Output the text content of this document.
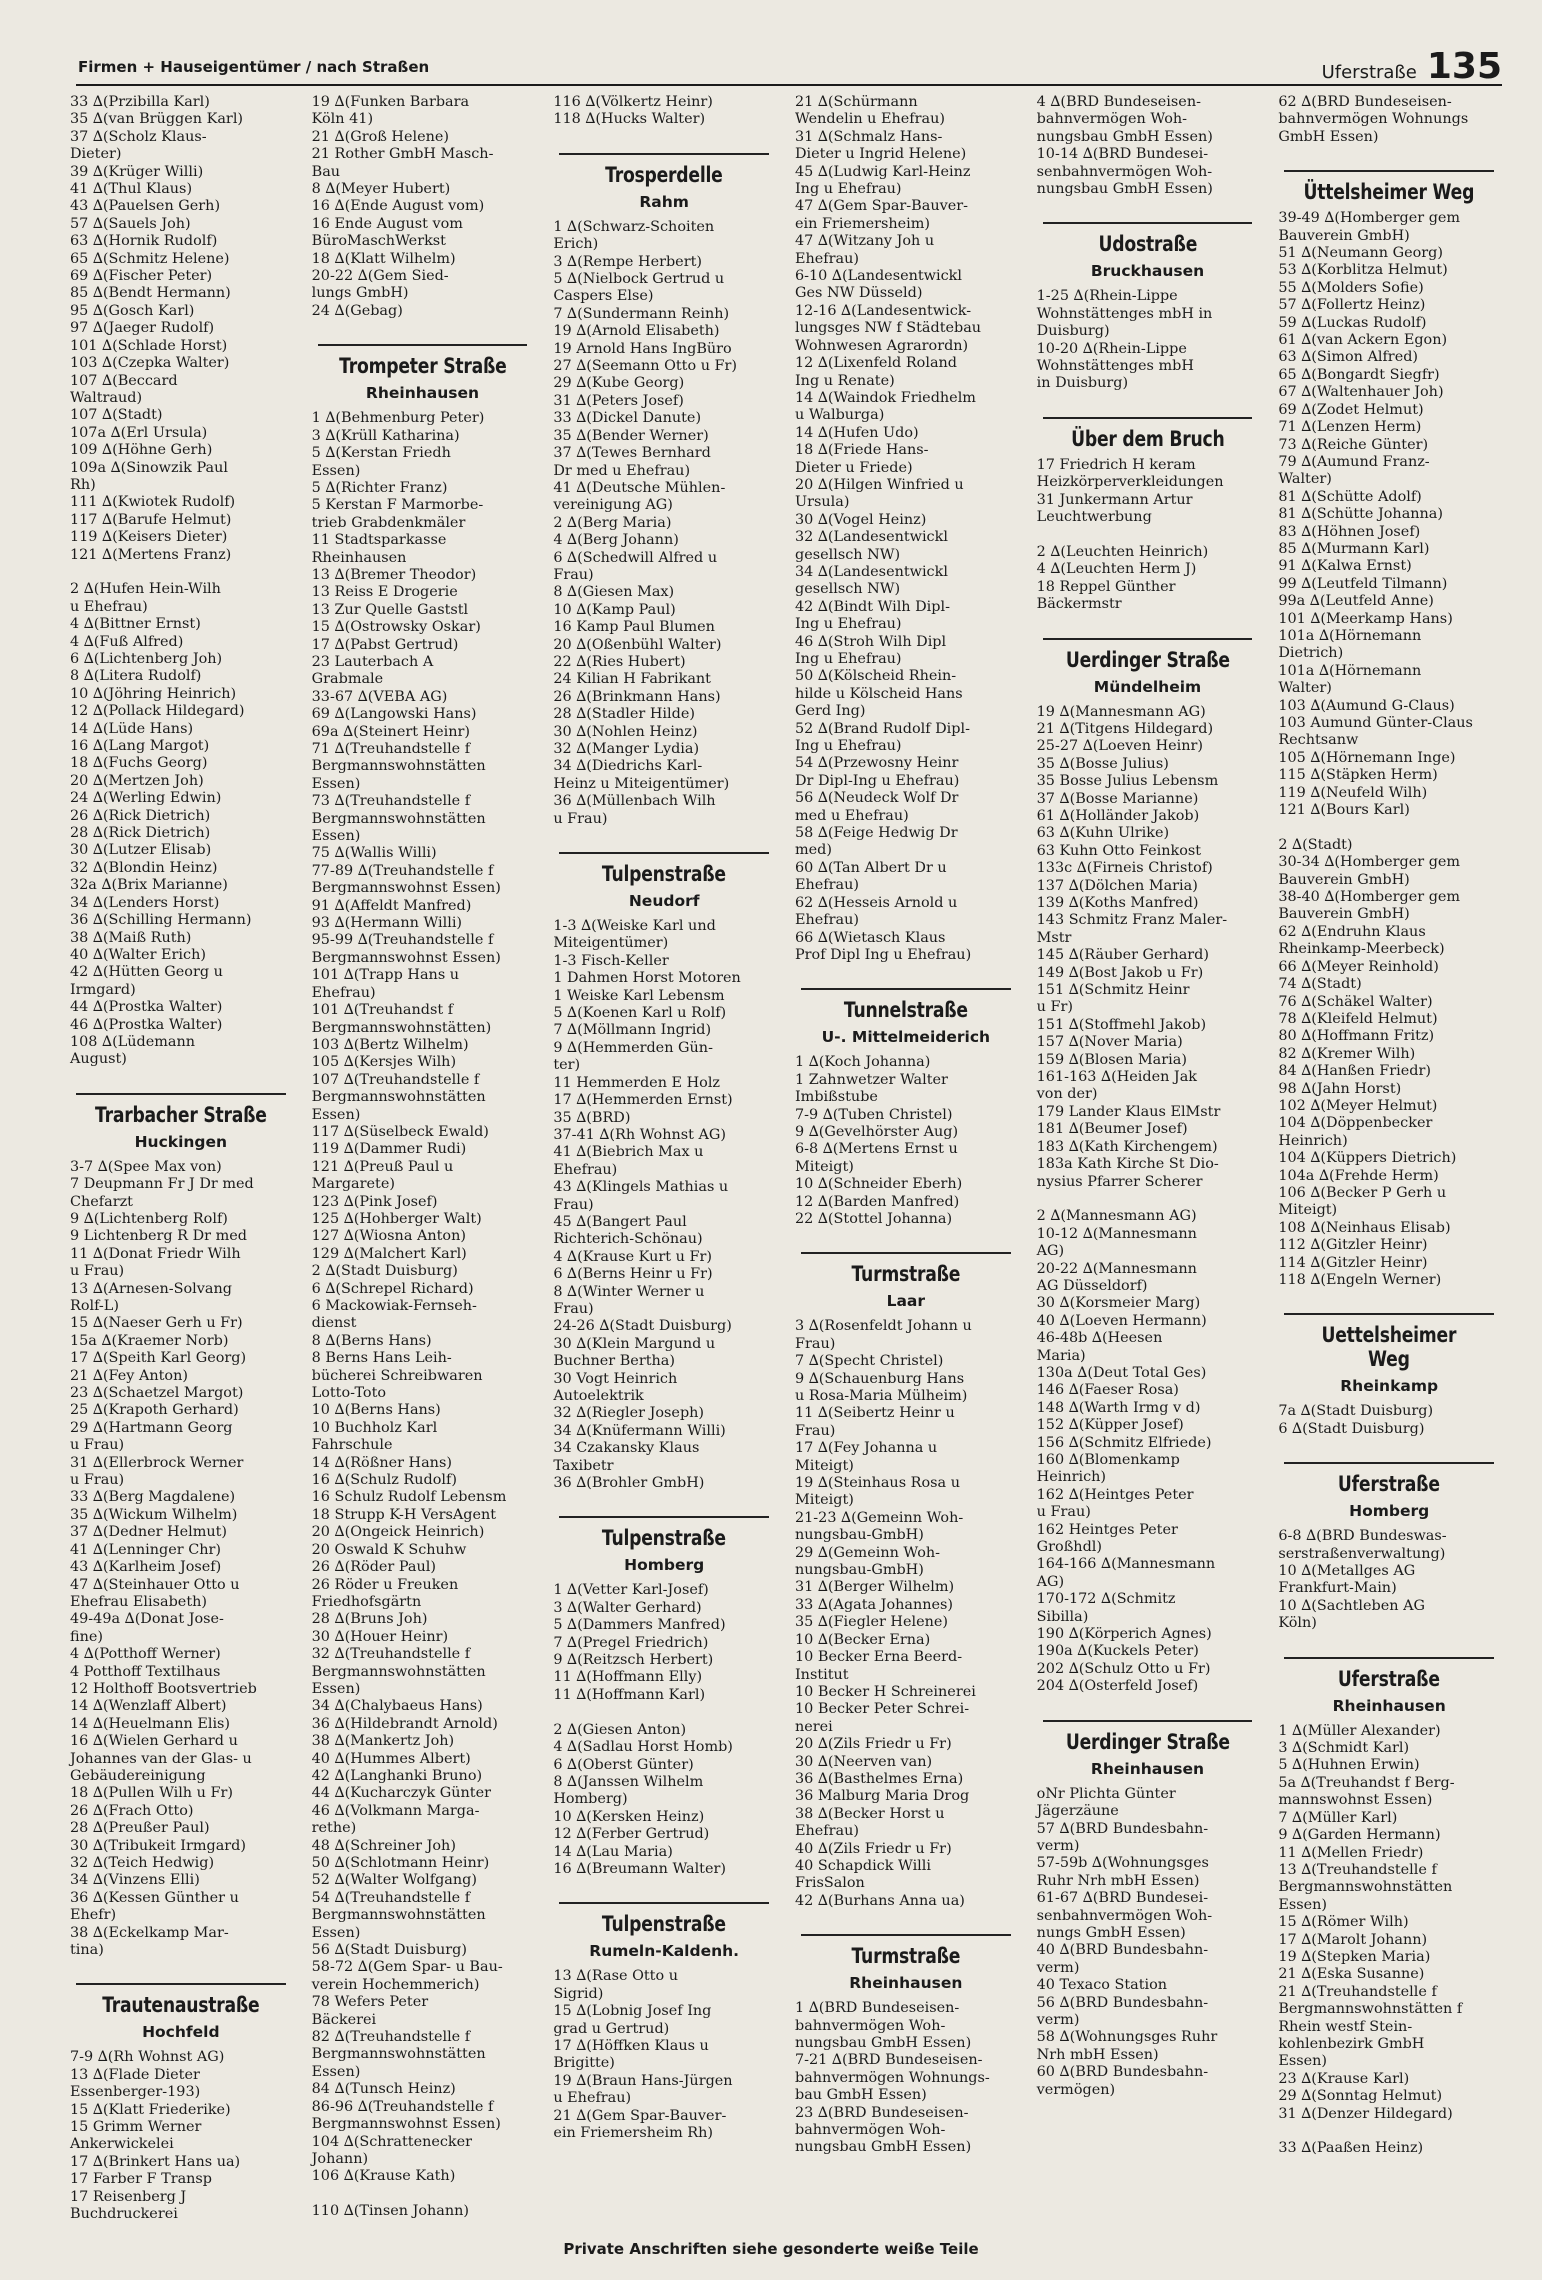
Firmen + Hauseigentümer / nach Straßen	Uferstraße 135
33 ∆(Przibilla Karl)
35 ∆(van Brüggen Karl)
37 ∆(Scholz Klaus-
Dieter)
39 ∆(Krüger Willi)
41 ∆(Thul Klaus)
43 ∆(Pauelsen Gerh)
57 ∆(Sauels Joh)
63 ∆(Hornik Rudolf)
65 ∆(Schmitz Helene)
69 ∆(Fischer Peter)
85 ∆(Bendt Hermann)
95 ∆(Gosch Karl)
97 ∆(Jaeger Rudolf)
101 ∆(Schlade Horst)
103 ∆(Czepka Walter)
107 ∆(Beccard
Waltraud)
107 ∆(Stadt)
107a ∆(Erl Ursula)
109 ∆(Höhne Gerh)
109a ∆(Sinowzik Paul
Rh)
111 ∆(Kwiotek Rudolf)
117 ∆(Barufe Helmut)
119 ∆(Keisers Dieter)
121 ∆(Mertens Franz)

2 ∆(Hufen Hein-Wilh
u Ehefrau)
4 ∆(Bittner Ernst)
4 ∆(Fuß Alfred)
6 ∆(Lichtenberg Joh)
8 ∆(Litera Rudolf)
10 ∆(Jöhring Heinrich)
12 ∆(Pollack Hildegard)
14 ∆(Lüde Hans)
16 ∆(Lang Margot)
18 ∆(Fuchs Georg)
20 ∆(Mertzen Joh)
24 ∆(Werling Edwin)
26 ∆(Rick Dietrich)
28 ∆(Rick Dietrich)
30 ∆(Lutzer Elisab)
32 ∆(Blondin Heinz)
32a ∆(Brix Marianne)
34 ∆(Lenders Horst)
36 ∆(Schilling Hermann)
38 ∆(Maiß Ruth)
40 ∆(Walter Erich)
42 ∆(Hütten Georg u
Irmgard)
44 ∆(Prostka Walter)
46 ∆(Prostka Walter)
108 ∆(Lüdemann
August)
Trarbacher Straße
Huckingen
3-7 ∆(Spee Max von)
7 Deupmann Fr J Dr med
Chefarzt
9 ∆(Lichtenberg Rolf)
9 Lichtenberg R Dr med
11 ∆(Donat Friedr Wilh
u Frau)
13 ∆(Arnesen-Solvang
Rolf-L)
15 ∆(Naeser Gerh u Fr)
15a ∆(Kraemer Norb)
17 ∆(Speith Karl Georg)
21 ∆(Fey Anton)
23 ∆(Schaetzel Margot)
25 ∆(Krapoth Gerhard)
29 ∆(Hartmann Georg
u Frau)
31 ∆(Ellerbrock Werner
u Frau)
33 ∆(Berg Magdalene)
35 ∆(Wickum Wilhelm)
37 ∆(Dedner Helmut)
41 ∆(Lenninger Chr)
43 ∆(Karlheim Josef)
47 ∆(Steinhauer Otto u
Ehefrau Elisabeth)
49-49a ∆(Donat Jose-
fine)
4 ∆(Potthoff Werner)
4 Potthoff Textilhaus
12 Holthoff Bootsvertrieb
14 ∆(Wenzlaff Albert)
14 ∆(Heuelmann Elis)
16 ∆(Wielen Gerhard u
Johannes van der Glas- u
Gebäudereinigung
18 ∆(Pullen Wilh u Fr)
26 ∆(Frach Otto)
28 ∆(Preußer Paul)
30 ∆(Tribukeit Irmgard)
32 ∆(Teich Hedwig)
34 ∆(Vinzens Elli)
36 ∆(Kessen Günther u
Ehefr)
38 ∆(Eckelkamp Mar-
tina)
Trautenaustraße
Hochfeld
7-9 ∆(Rh Wohnst AG)
13 ∆(Flade Dieter
Essenberger-193)
15 ∆(Klatt Friederike)
15 Grimm Werner
Ankerwickelei
17 ∆(Brinkert Hans ua)
17 Farber F Transp
17 Reisenberg J
Buchdruckerei
19 ∆(Funken Barbara
Köln 41)
21 ∆(Groß Helene)
21 Rother GmbH Masch-
Bau
8 ∆(Meyer Hubert)
16 ∆(Ende August vom)
16 Ende August vom
BüroMaschWerkst
18 ∆(Klatt Wilhelm)
20-22 ∆(Gem Sied-
lungs GmbH)
24 ∆(Gebag)
Trompeter Straße
Rheinhausen
1 ∆(Behmenburg Peter)
3 ∆(Krüll Katharina)
5 ∆(Kerstan Friedh
Essen)
5 ∆(Richter Franz)
5 Kerstan F Marmorbe-
trieb Grabdenkmäler
11 Stadtsparkasse
Rheinhausen
13 ∆(Bremer Theodor)
13 Reiss E Drogerie
13 Zur Quelle Gaststl
15 ∆(Ostrowsky Oskar)
17 ∆(Pabst Gertrud)
23 Lauterbach A
Grabmale
33-67 ∆(VEBA AG)
69 ∆(Langowski Hans)
69a ∆(Steinert Heinr)
71 ∆(Treuhandstelle f
Bergmannswohnstätten
Essen)
73 ∆(Treuhandstelle f
Bergmannswohnstätten
Essen)
75 ∆(Wallis Willi)
77-89 ∆(Treuhandstelle f
Bergmannswohnst Essen)
91 ∆(Affeldt Manfred)
93 ∆(Hermann Willi)
95-99 ∆(Treuhandstelle f
Bergmannswohnst Essen)
101 ∆(Trapp Hans u
Ehefrau)
101 ∆(Treuhandst f
Bergmannswohnstätten)
103 ∆(Bertz Wilhelm)
105 ∆(Kersjes Wilh)
107 ∆(Treuhandstelle f
Bergmannswohnstätten
Essen)
117 ∆(Süselbeck Ewald)
119 ∆(Dammer Rudi)
121 ∆(Preuß Paul u
Margarete)
123 ∆(Pink Josef)
125 ∆(Hohberger Walt)
127 ∆(Wiosna Anton)
129 ∆(Malchert Karl)
2 ∆(Stadt Duisburg)
6 ∆(Schrepel Richard)
6 Mackowiak-Fernseh-
dienst
8 ∆(Berns Hans)
8 Berns Hans Leih-
bücherei Schreibwaren
Lotto-Toto
10 ∆(Berns Hans)
10 Buchholz Karl
Fahrschule
14 ∆(Rößner Hans)
16 ∆(Schulz Rudolf)
16 Schulz Rudolf Lebensm
18 Strupp K-H VersAgent
20 ∆(Ongeick Heinrich)
20 Oswald K Schuhw
26 ∆(Röder Paul)
26 Röder u Freuken
Friedhofsgärtn
28 ∆(Bruns Joh)
30 ∆(Houer Heinr)
32 ∆(Treuhandstelle f
Bergmannswohnstätten
Essen)
34 ∆(Chalybaeus Hans)
36 ∆(Hildebrandt Arnold)
38 ∆(Mankertz Joh)
40 ∆(Hummes Albert)
42 ∆(Langhanki Bruno)
44 ∆(Kucharczyk Günter
46 ∆(Volkmann Marga-
rethe)
48 ∆(Schreiner Joh)
50 ∆(Schlotmann Heinr)
52 ∆(Walter Wolfgang)
54 ∆(Treuhandstelle f
Bergmannswohnstätten
Essen)
56 ∆(Stadt Duisburg)
58-72 ∆(Gem Spar- u Bau-
verein Hochemmerich)
78 Wefers Peter
Bäckerei
82 ∆(Treuhandstelle f
Bergmannswohnstätten
Essen)
84 ∆(Tunsch Heinz)
86-96 ∆(Treuhandstelle f
Bergmannswohnst Essen)
104 ∆(Schrattenecker
Johann)
106 ∆(Krause Kath)

110 ∆(Tinsen Johann)
116 ∆(Völkertz Heinr)
118 ∆(Hucks Walter)
Trosperdelle
Rahm
1 ∆(Schwarz-Schoiten
Erich)
3 ∆(Rempe Herbert)
5 ∆(Nielbock Gertrud u
Caspers Else)
7 ∆(Sundermann Reinh)
19 ∆(Arnold Elisabeth)
19 Arnold Hans IngBüro
27 ∆(Seemann Otto u Fr)
29 ∆(Kube Georg)
31 ∆(Peters Josef)
33 ∆(Dickel Danute)
35 ∆(Bender Werner)
37 ∆(Tewes Bernhard
Dr med u Ehefrau)
41 ∆(Deutsche Mühlen-
vereinigung AG)
2 ∆(Berg Maria)
4 ∆(Berg Johann)
6 ∆(Schedwill Alfred u
Frau)
8 ∆(Giesen Max)
10 ∆(Kamp Paul)
16 Kamp Paul Blumen
20 ∆(Oßenbühl Walter)
22 ∆(Ries Hubert)
24 Kilian H Fabrikant
26 ∆(Brinkmann Hans)
28 ∆(Stadler Hilde)
30 ∆(Nohlen Heinz)
32 ∆(Manger Lydia)
34 ∆(Diedrichs Karl-
Heinz u Miteigentümer)
36 ∆(Müllenbach Wilh
u Frau)
Tulpenstraße
Neudorf
1-3 ∆(Weiske Karl und
Miteigentümer)
1-3 Fisch-Keller
1 Dahmen Horst Motoren
1 Weiske Karl Lebensm
5 ∆(Koenen Karl u Rolf)
7 ∆(Möllmann Ingrid)
9 ∆(Hemmerden Gün-
ter)
11 Hemmerden E Holz
17 ∆(Hemmerden Ernst)
35 ∆(BRD)
37-41 ∆(Rh Wohnst AG)
41 ∆(Biebrich Max u
Ehefrau)
43 ∆(Klingels Mathias u
Frau)
45 ∆(Bangert Paul
Richterich-Schönau)
4 ∆(Krause Kurt u Fr)
6 ∆(Berns Heinr u Fr)
8 ∆(Winter Werner u
Frau)
24-26 ∆(Stadt Duisburg)
30 ∆(Klein Margund u
Buchner Bertha)
30 Vogt Heinrich
Autoelektrik
32 ∆(Riegler Joseph)
34 ∆(Knüfermann Willi)
34 Czakansky Klaus
Taxibetr
36 ∆(Brohler GmbH)
Tulpenstraße
Homberg
1 ∆(Vetter Karl-Josef)
3 ∆(Walter Gerhard)
5 ∆(Dammers Manfred)
7 ∆(Pregel Friedrich)
9 ∆(Reitzsch Herbert)
11 ∆(Hoffmann Elly)
11 ∆(Hoffmann Karl)

2 ∆(Giesen Anton)
4 ∆(Sadlau Horst Homb)
6 ∆(Oberst Günter)
8 ∆(Janssen Wilhelm
Homberg)
10 ∆(Kersken Heinz)
12 ∆(Ferber Gertrud)
14 ∆(Lau Maria)
16 ∆(Breumann Walter)
Tulpenstraße
Rumeln-Kaldenh.
13 ∆(Rase Otto u
Sigrid)
15 ∆(Lobnig Josef Ing
grad u Gertrud)
17 ∆(Höffken Klaus u
Brigitte)
19 ∆(Braun Hans-Jürgen
u Ehefrau)
21 ∆(Gem Spar-Bauver-
ein Friemersheim Rh)
21 ∆(Schürmann
Wendelin u Ehefrau)
31 ∆(Schmalz Hans-
Dieter u Ingrid Helene)
45 ∆(Ludwig Karl-Heinz
Ing u Ehefrau)
47 ∆(Gem Spar-Bauver-
ein Friemersheim)
47 ∆(Witzany Joh u
Ehefrau)
6-10 ∆(Landesentwickl
Ges NW Düsseld)
12-16 ∆(Landesentwick-
lungsges NW f Städtebau
Wohnwesen Agrarordn)
12 ∆(Lixenfeld Roland
Ing u Renate)
14 ∆(Waindok Friedhelm
u Walburga)
14 ∆(Hufen Udo)
18 ∆(Friede Hans-
Dieter u Friede)
20 ∆(Hilgen Winfried u
Ursula)
30 ∆(Vogel Heinz)
32 ∆(Landesentwickl
gesellsch NW)
34 ∆(Landesentwickl
gesellsch NW)
42 ∆(Bindt Wilh Dipl-
Ing u Ehefrau)
46 ∆(Stroh Wilh Dipl
Ing u Ehefrau)
50 ∆(Kölscheid Rhein-
hilde u Kölscheid Hans
Gerd Ing)
52 ∆(Brand Rudolf Dipl-
Ing u Ehefrau)
54 ∆(Przewosny Heinr
Dr Dipl-Ing u Ehefrau)
56 ∆(Neudeck Wolf Dr
med u Ehefrau)
58 ∆(Feige Hedwig Dr
med)
60 ∆(Tan Albert Dr u
Ehefrau)
62 ∆(Hesseis Arnold u
Ehefrau)
66 ∆(Wietasch Klaus
Prof Dipl Ing u Ehefrau)
Tunnelstraße
U-. Mittelmeiderich
1 ∆(Koch Johanna)
1 Zahnwetzer Walter
Imbißstube
7-9 ∆(Tuben Christel)
9 ∆(Gevelhörster Aug)
6-8 ∆(Mertens Ernst u
Miteigt)
10 ∆(Schneider Eberh)
12 ∆(Barden Manfred)
22 ∆(Stottel Johanna)
Turmstraße
Laar
3 ∆(Rosenfeldt Johann u
Frau)
7 ∆(Specht Christel)
9 ∆(Schauenburg Hans
u Rosa-Maria Mülheim)
11 ∆(Seibertz Heinr u
Frau)
17 ∆(Fey Johanna u
Miteigt)
19 ∆(Steinhaus Rosa u
Miteigt)
21-23 ∆(Gemeinn Woh-
nungsbau-GmbH)
29 ∆(Gemeinn Woh-
nungsbau-GmbH)
31 ∆(Berger Wilhelm)
33 ∆(Agata Johannes)
35 ∆(Fiegler Helene)
10 ∆(Becker Erna)
10 Becker Erna Beerd-
Institut
10 Becker H Schreinerei
10 Becker Peter Schrei-
nerei
20 ∆(Zils Friedr u Fr)
30 ∆(Neerven van)
36 ∆(Basthelmes Erna)
36 Malburg Maria Drog
38 ∆(Becker Horst u
Ehefrau)
40 ∆(Zils Friedr u Fr)
40 Schapdick Willi
FrisSalon
42 ∆(Burhans Anna ua)
Turmstraße
Rheinhausen
1 ∆(BRD Bundeseisen-
bahnvermögen Woh-
nungsbau GmbH Essen)
7-21 ∆(BRD Bundeseisen-
bahnvermögen Wohnungs-
bau GmbH Essen)
23 ∆(BRD Bundeseisen-
bahnvermögen Woh-
nungsbau GmbH Essen)
4 ∆(BRD Bundeseisen-
bahnvermögen Woh-
nungsbau GmbH Essen)
10-14 ∆(BRD Bundesei-
senbahnvermögen Woh-
nungsbau GmbH Essen)
Udostraße
Bruckhausen
1-25 ∆(Rhein-Lippe
Wohnstättenges mbH in
Duisburg)
10-20 ∆(Rhein-Lippe
Wohnstättenges mbH
in Duisburg)
Über dem Bruch
17 Friedrich H keram
Heizkörperverkleidungen
31 Junkermann Artur
Leuchtwerbung

2 ∆(Leuchten Heinrich)
4 ∆(Leuchten Herm J)
18 Reppel Günther
Bäckermstr
Uerdinger Straße
Mündelheim
19 ∆(Mannesmann AG)
21 ∆(Titgens Hildegard)
25-27 ∆(Loeven Heinr)
35 ∆(Bosse Julius)
35 Bosse Julius Lebensm
37 ∆(Bosse Marianne)
61 ∆(Holländer Jakob)
63 ∆(Kuhn Ulrike)
63 Kuhn Otto Feinkost
133c ∆(Firneis Christof)
137 ∆(Dölchen Maria)
139 ∆(Koths Manfred)
143 Schmitz Franz Maler-
Mstr
145 ∆(Räuber Gerhard)
149 ∆(Bost Jakob u Fr)
151 ∆(Schmitz Heinr
u Fr)
151 ∆(Stoffmehl Jakob)
157 ∆(Nover Maria)
159 ∆(Blosen Maria)
161-163 ∆(Heiden Jak
von der)
179 Lander Klaus ElMstr
181 ∆(Beumer Josef)
183 ∆(Kath Kirchengem)
183a Kath Kirche St Dio-
nysius Pfarrer Scherer

2 ∆(Mannesmann AG)
10-12 ∆(Mannesmann
AG)
20-22 ∆(Mannesmann
AG Düsseldorf)
30 ∆(Korsmeier Marg)
40 ∆(Loeven Hermann)
46-48b ∆(Heesen
Maria)
130a ∆(Deut Total Ges)
146 ∆(Faeser Rosa)
148 ∆(Warth Irmg v d)
152 ∆(Küpper Josef)
156 ∆(Schmitz Elfriede)
160 ∆(Blomenkamp
Heinrich)
162 ∆(Heintges Peter
u Frau)
162 Heintges Peter
Großhdl)
164-166 ∆(Mannesmann
AG)
170-172 ∆(Schmitz
Sibilla)
190 ∆(Körperich Agnes)
190a ∆(Kuckels Peter)
202 ∆(Schulz Otto u Fr)
204 ∆(Osterfeld Josef)
Uerdinger Straße
Rheinhausen
oNr Plichta Günter
Jägerzäune
57 ∆(BRD Bundesbahn-
verm)
57-59b ∆(Wohnungsges
Ruhr Nrh mbH Essen)
61-67 ∆(BRD Bundesei-
senbahnvermögen Woh-
nungs GmbH Essen)
40 ∆(BRD Bundesbahn-
verm)
40 Texaco Station
56 ∆(BRD Bundesbahn-
verm)
58 ∆(Wohnungsges Ruhr
Nrh mbH Essen)
60 ∆(BRD Bundesbahn-
vermögen)
62 ∆(BRD Bundeseisen-
bahnvermögen Wohnungs
GmbH Essen)
Üttelsheimer Weg
39-49 ∆(Homberger gem
Bauverein GmbH)
51 ∆(Neumann Georg)
53 ∆(Korblitza Helmut)
55 ∆(Molders Sofie)
57 ∆(Follertz Heinz)
59 ∆(Luckas Rudolf)
61 ∆(van Ackern Egon)
63 ∆(Simon Alfred)
65 ∆(Bongardt Siegfr)
67 ∆(Waltenhauer Joh)
69 ∆(Zodet Helmut)
71 ∆(Lenzen Herm)
73 ∆(Reiche Günter)
79 ∆(Aumund Franz-
Walter)
81 ∆(Schütte Adolf)
81 ∆(Schütte Johanna)
83 ∆(Höhnen Josef)
85 ∆(Murmann Karl)
91 ∆(Kalwa Ernst)
99 ∆(Leutfeld Tilmann)
99a ∆(Leutfeld Anne)
101 ∆(Meerkamp Hans)
101a ∆(Hörnemann
Dietrich)
101a ∆(Hörnemann
Walter)
103 ∆(Aumund G-Claus)
103 Aumund Günter-Claus
Rechtsanw
105 ∆(Hörnemann Inge)
115 ∆(Stäpken Herm)
119 ∆(Neufeld Wilh)
121 ∆(Bours Karl)

2 ∆(Stadt)
30-34 ∆(Homberger gem
Bauverein GmbH)
38-40 ∆(Homberger gem
Bauverein GmbH)
62 ∆(Endruhn Klaus
Rheinkamp-Meerbeck)
66 ∆(Meyer Reinhold)
74 ∆(Stadt)
76 ∆(Schäkel Walter)
78 ∆(Kleifeld Helmut)
80 ∆(Hoffmann Fritz)
82 ∆(Kremer Wilh)
84 ∆(Hanßen Friedr)
98 ∆(Jahn Horst)
102 ∆(Meyer Helmut)
104 ∆(Döppenbecker
Heinrich)
104 ∆(Küppers Dietrich)
104a ∆(Frehde Herm)
106 ∆(Becker P Gerh u
Miteigt)
108 ∆(Neinhaus Elisab)
112 ∆(Gitzler Heinr)
114 ∆(Gitzler Heinr)
118 ∆(Engeln Werner)
Uettelsheimer Weg
Rheinkamp
7a ∆(Stadt Duisburg)
6 ∆(Stadt Duisburg)
Uferstraße
Homberg
6-8 ∆(BRD Bundeswas-
serstraßenverwaltung)
10 ∆(Metallges AG
Frankfurt-Main)
10 ∆(Sachtleben AG
Köln)
Uferstraße
Rheinhausen
1 ∆(Müller Alexander)
3 ∆(Schmidt Karl)
5 ∆(Huhnen Erwin)
5a ∆(Treuhandst f Berg-
mannswohnst Essen)
7 ∆(Müller Karl)
9 ∆(Garden Hermann)
11 ∆(Mellen Friedr)
13 ∆(Treuhandstelle f
Bergmannswohnstätten
Essen)
15 ∆(Römer Wilh)
17 ∆(Marolt Johann)
19 ∆(Stepken Maria)
21 ∆(Eska Susanne)
21 ∆(Treuhandstelle f
Bergmannswohnstätten f
Rhein westf Stein-
kohlenbezirk GmbH
Essen)
23 ∆(Krause Karl)
29 ∆(Sonntag Helmut)
31 ∆(Denzer Hildegard)

33 ∆(Paaßen Heinz)
Private Anschriften siehe gesonderte weiße Teile
